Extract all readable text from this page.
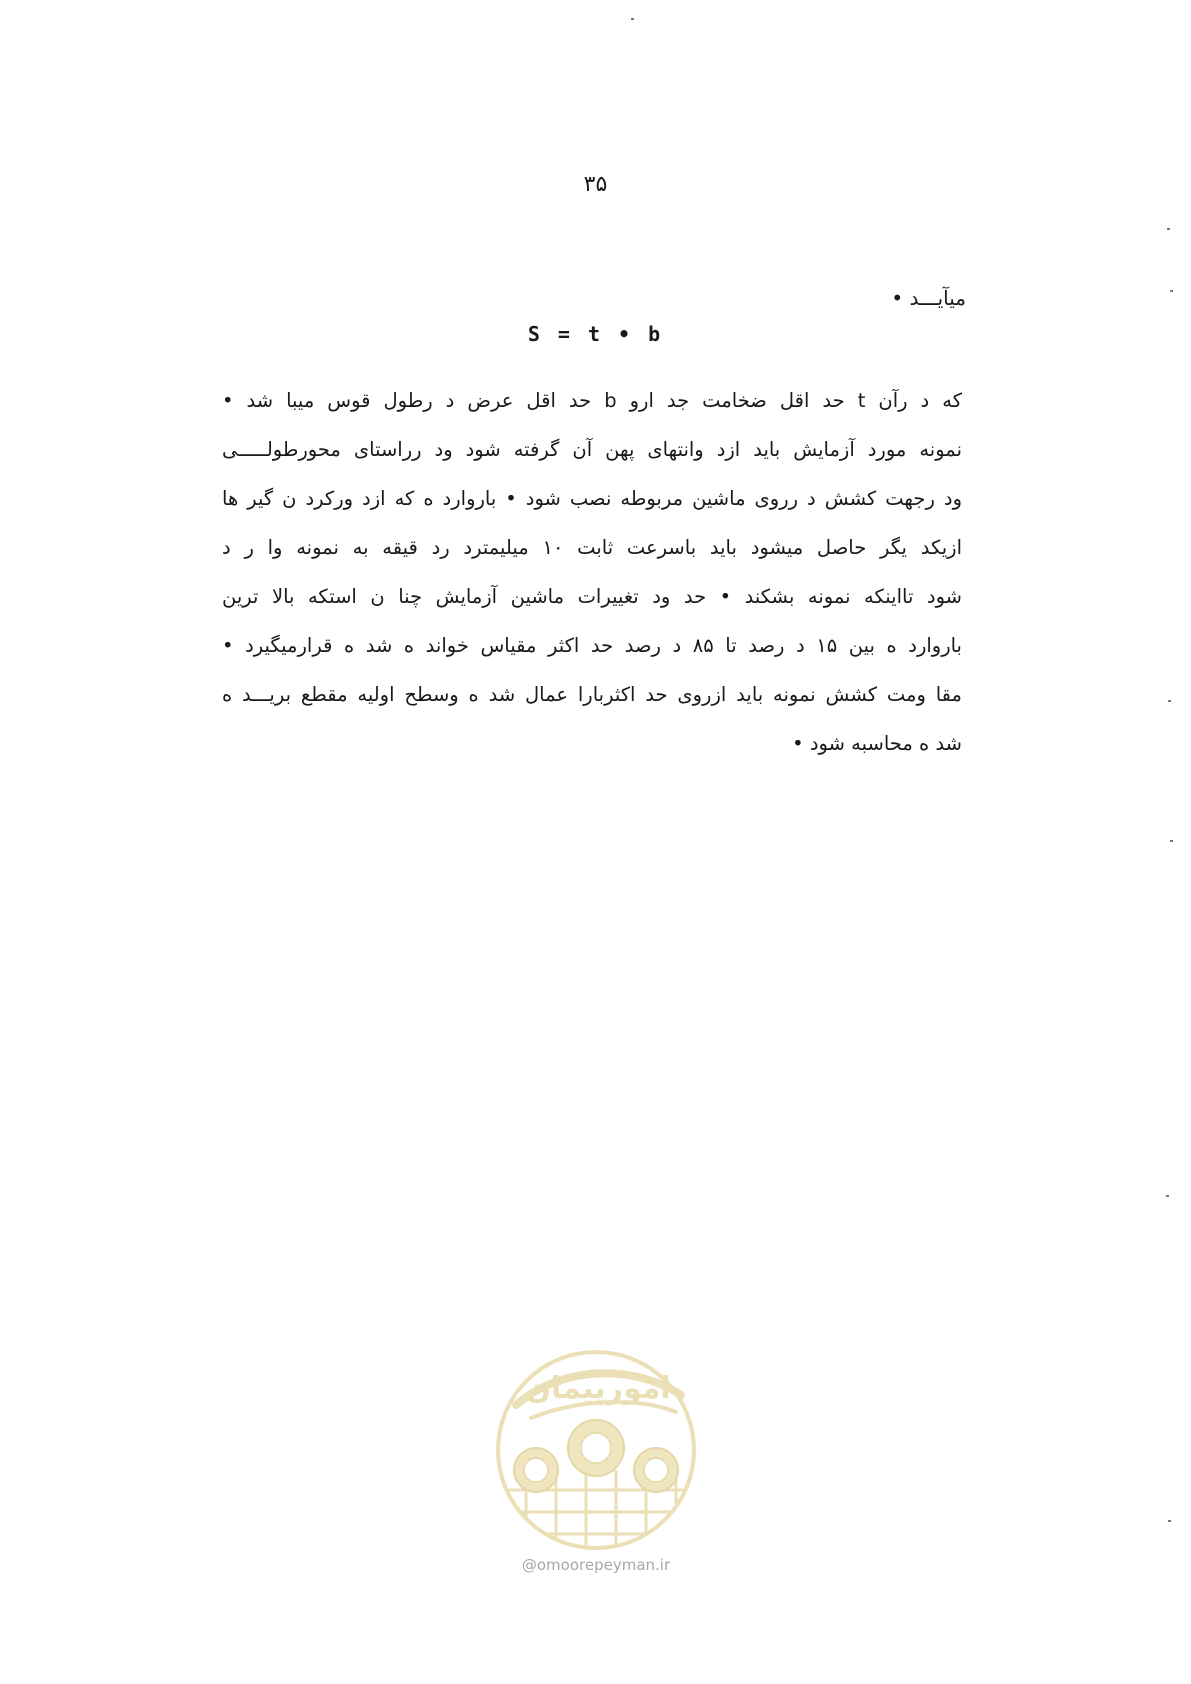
۳۵
میآیـــد •
S = t • b
که د رآن t حد اقل ضخامت جد ارو b حد اقل عرض د رطول قوس میبا شد •
نمونه مورد آزمایش باید ازد وانتهای پهن آن گرفته شود ود رراستای محورطولـــــی
ود رجهت کشش د رروی ماشین مربوطه نصب شود • باروارد ه که ازد ورکرد ن گیر ها
ازیکد یگر حاصل میشود باید باسرعت ثابت ۱۰ میلیمترد رد قیقه به نمونه وا ر د
شود تااینکه نمونه بشکند • حد ود تغییرات ماشین آزمایش چنا ن استکه بالا ترین
باروارد ه بین ۱۵ د رصد تا ۸۵ د رصد حد اکثر مقیاس خواند ه شد ه قرارمیگیرد •
مقا ومت کشش نمونه باید ازروی حد اکثربارا عمال شد ه وسطح اولیه مقطع بریـــد ه
شد ه محاسبه شود •
امورپیمان
@omoorepeyman.ir
